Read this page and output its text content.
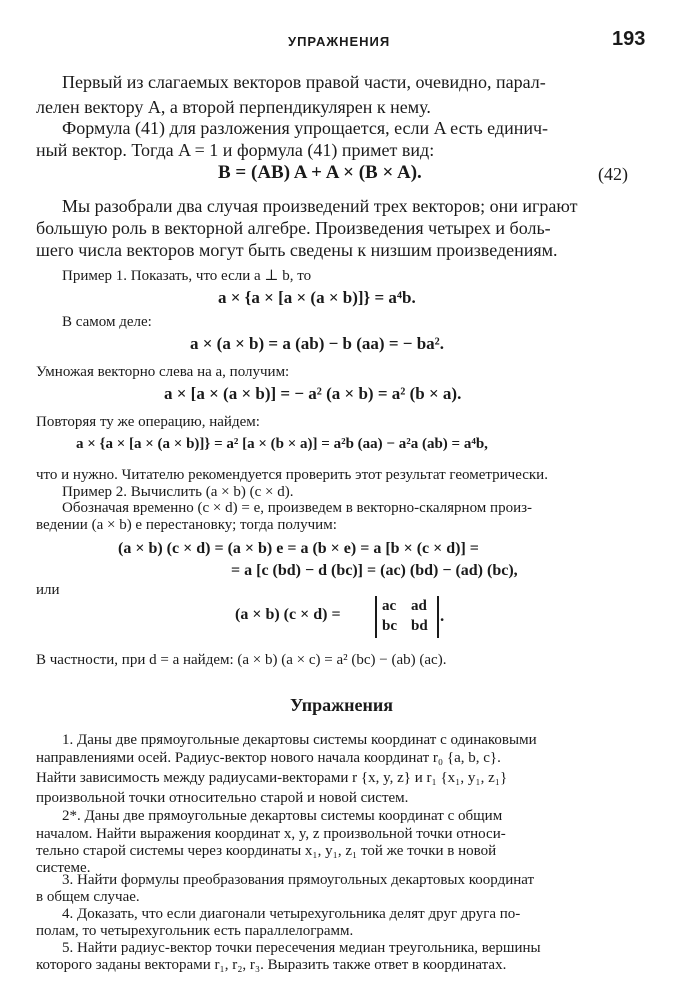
УПРАЖНЕНИЯ	193
Первый из слагаемых векторов правой части, очевидно, парал-
лелен вектору A, а второй перпендикулярен к нему.
Формула (41) для разложения упрощается, если A есть единич-
ный вектор. Тогда A = 1 и формула (41) примет вид:
B = (AB) A + A × (B × A).	(42)
Мы разобрали два случая произведений трех векторов; они играют
большую роль в векторной алгебре. Произведения четырех и боль-
шего числа векторов могут быть сведены к низшим произведениям.
Пример 1. Показать, что если a ⊥ b, то
a × {a × [a × (a × b)]} = a⁴b.
В самом деле:
a × (a × b) = a (ab) − b (aa) = − ba².
Умножая векторно слева на a, получим:
a × [a × (a × b)] = − a² (a × b) = a² (b × a).
Повторяя ту же операцию, найдем:
a × {a × [a × (a × b)]} = a² [a × (b × a)] = a²b (aa) − a²a (ab) = a⁴b,
что и нужно. Читателю рекомендуется проверить этот результат геометрически.
Пример 2. Вычислить (a × b) (c × d).
Обозначая временно (c × d) = e, произведем в векторно-скалярном произ-
ведении (a × b) e перестановку; тогда получим:
(a × b) (c × d) = (a × b) e = a (b × e) = a [b × (c × d)] =
= a [c (bd) − d (bc)] = (ac) (bd) − (ad) (bc),
или
(a × b) (c × d) =	ac ad
bc bd
.
В частности, при d = a найдем: (a × b) (a × c) = a² (bc) − (ab) (ac).
Упражнения
1. Даны две прямоугольные декартовы системы координат с одинаковыми
направлениями осей. Радиус-вектор нового начала координат r₀ {a, b, c}.
Найти зависимость между радиусами-векторами r {x, y, z} и r₁ {x₁, y₁, z₁}
произвольной точки относительно старой и новой систем.
2*. Даны две прямоугольные декартовы системы координат с общим
началом. Найти выражения координат x, y, z произвольной точки относи-
тельно старой системы через координаты x₁, y₁, z₁ той же точки в новой
системе.
3. Найти формулы преобразования прямоугольных декартовых координат
в общем случае.
4. Доказать, что если диагонали четырехугольника делят друг друга по-
полам, то четырехугольник есть параллелограмм.
5. Найти радиус-вектор точки пересечения медиан треугольника, вершины
которого заданы векторами r₁, r₂, r₃. Выразить также ответ в координатах.
